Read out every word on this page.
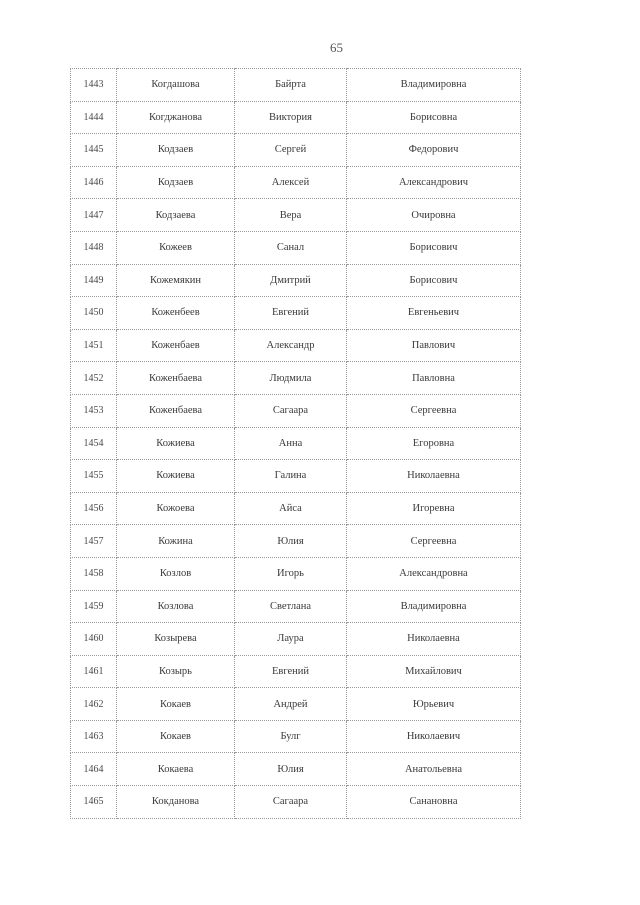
65
1443	Когдашова	Байрта	Владимировна
1444	Когджанова	Виктория	Борисовна
1445	Кодзаев	Сергей	Федорович
1446	Кодзаев	Алексей	Александрович
1447	Кодзаева	Вера	Очировна
1448	Кожеев	Санал	Борисович
1449	Кожемякин	Дмитрий	Борисович
1450	Коженбеев	Евгений	Евгеньевич
1451	Коженбаев	Александр	Павлович
1452	Коженбаева	Людмила	Павловна
1453	Коженбаева	Сагаара	Сергеевна
1454	Кожиева	Анна	Егоровна
1455	Кожиева	Галина	Николаевна
1456	Кожоева	Айса	Игоревна
1457	Кожина	Юлия	Сергеевна
1458	Козлов	Игорь	Александровна
1459	Козлова	Светлана	Владимировна
1460	Козырева	Лаура	Николаевна
1461	Козырь	Евгений	Михайлович
1462	Кокаев	Андрей	Юрьевич
1463	Кокаев	Булг	Николаевич
1464	Кокаева	Юлия	Анатольевна
1465	Кокданова	Сагаара	Санановна
